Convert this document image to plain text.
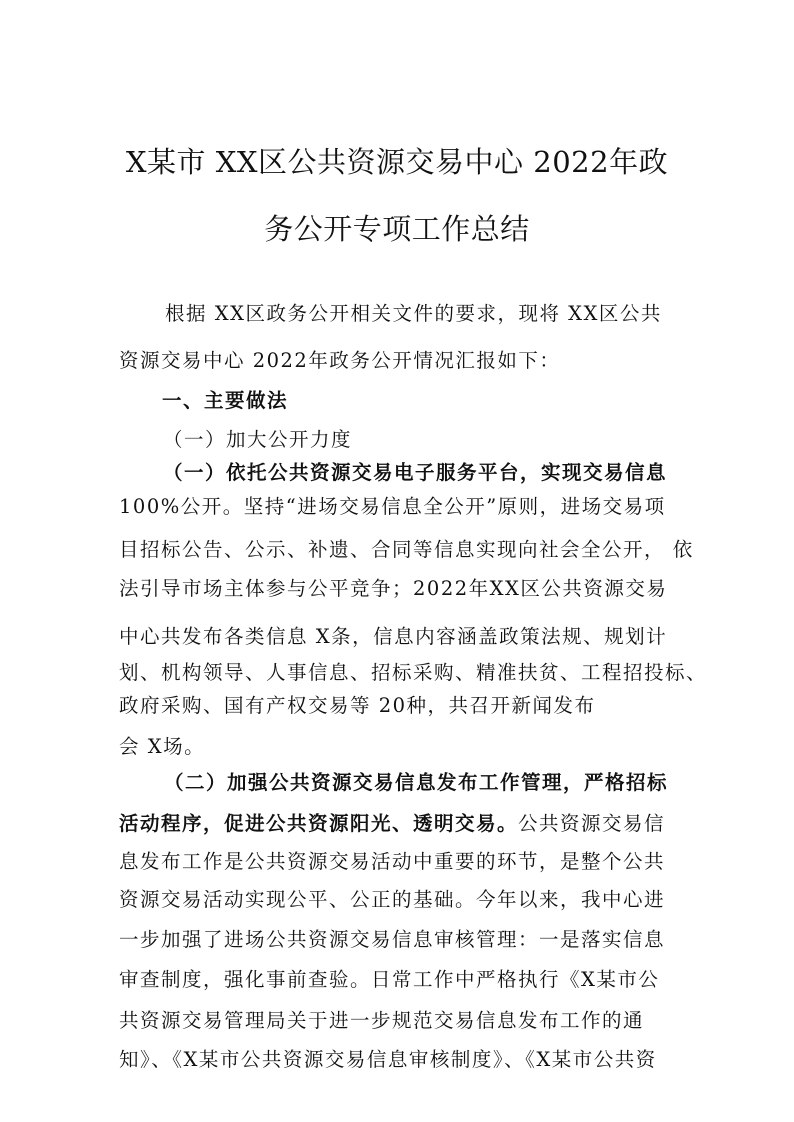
X某市 XX区公共资源交易中心 2022年政
务公开专项工作总结
根据 XX区政务公开相关文件的要求，现将 XX区公共
资源交易中心 2022年政务公开情况汇报如下：
一、主要做法
（一）加大公开力度
（一）依托公共资源交易电子服务平台，实现交易信息
100%公开。坚持“进场交易信息全公开”原则，进场交易项
目招标公告、公示、补遗、合同等信息实现向社会全公开， 依
法引导市场主体参与公平竞争；2022年XX区公共资源交易
中心共发布各类信息 X条，信息内容涵盖政策法规、规划计
划、机构领导、人事信息、招标采购、精准扶贫、工程招投标、
政府采购、国有产权交易等 20种，共召开新闻发布
会 X场。
（二）加强公共资源交易信息发布工作管理，严格招标
活动程序，促进公共资源阳光、透明交易。公共资源交易信
息发布工作是公共资源交易活动中重要的环节，是整个公共
资源交易活动实现公平、公正的基础。今年以来，我中心进
一步加强了进场公共资源交易信息审核管理：一是落实信息
审查制度，强化事前查验。日常工作中严格执行《X某市公
共资源交易管理局关于进一步规范交易信息发布工作的通
知》、《X某市公共资源交易信息审核制度》、《X某市公共资
